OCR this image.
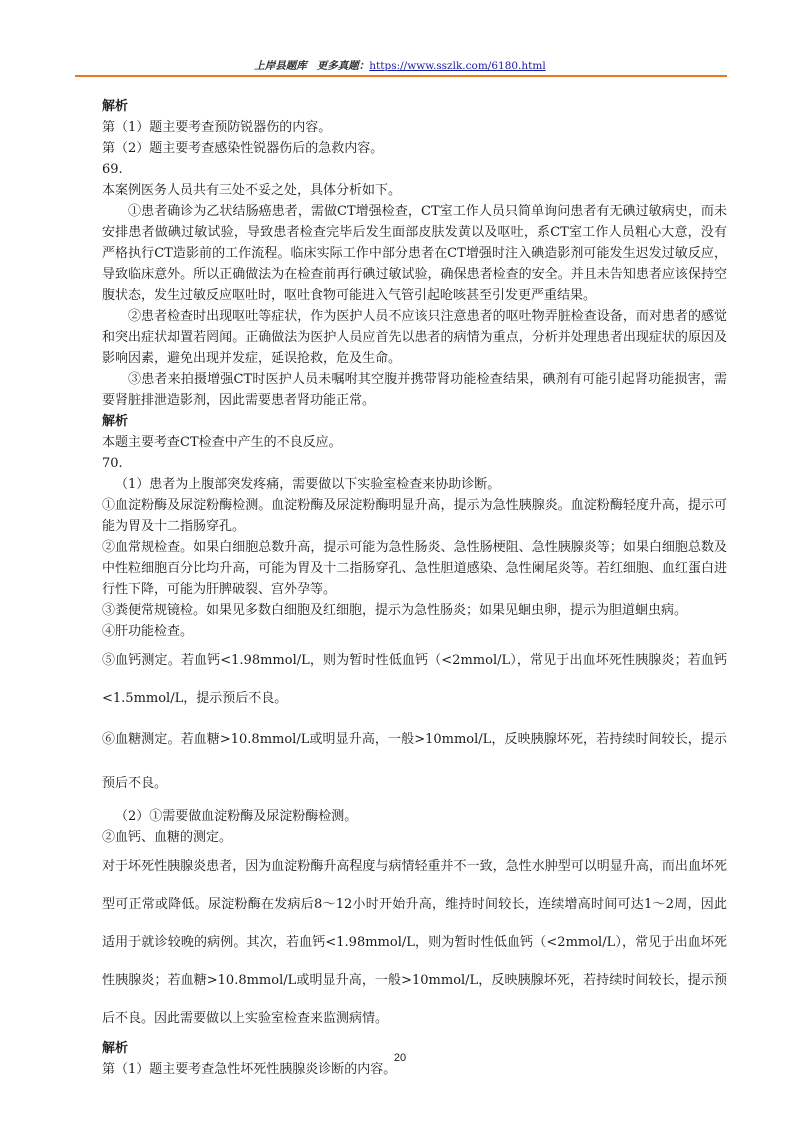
上岸县题库 更多真题：https://www.sszlk.com/6180.html

解析

第（1）题主要考查预防锐器伤的内容。

第（2）题主要考查感染性锐器伤后的急救内容。

69.

本案例医务人员共有三处不妥之处，具体分析如下。

①患者确诊为乙状结肠癌患者，需做CT增强检查，CT室工作人员只简单询问患者有无碘过敏病史，而未安排患者做碘过敏试验，导致患者检查完毕后发生面部皮肤发黄以及呕吐，系CT室工作人员粗心大意，没有严格执行CT造影前的工作流程。临床实际工作中部分患者在CT增强时注入碘造影剂可能发生迟发过敏反应，导致临床意外。所以正确做法为在检查前再行碘过敏试验，确保患者检查的安全。并且未告知患者应该保持空腹状态，发生过敏反应呕吐时，呕吐食物可能进入气管引起呛咳甚至引发更严重结果。

②患者检查时出现呕吐等症状，作为医护人员不应该只注意患者的呕吐物弄脏检查设备，而对患者的感觉和突出症状却置若罔闻。正确做法为医护人员应首先以患者的病情为重点，分析并处理患者出现症状的原因及影响因素，避免出现并发症，延误抢救，危及生命。

③患者来拍摄增强CT时医护人员未嘱咐其空腹并携带肾功能检查结果，碘剂有可能引起肾功能损害，需要肾脏排泄造影剂，因此需要患者肾功能正常。

解析

本题主要考查CT检查中产生的不良反应。

70.

（1）患者为上腹部突发疼痛，需要做以下实验室检查来协助诊断。

①血淀粉酶及尿淀粉酶检测。血淀粉酶及尿淀粉酶明显升高，提示为急性胰腺炎。血淀粉酶轻度升高，提示可能为胃及十二指肠穿孔。

②血常规检查。如果白细胞总数升高，提示可能为急性肠炎、急性肠梗阻、急性胰腺炎等；如果白细胞总数及中性粒细胞百分比均升高，可能为胃及十二指肠穿孔、急性胆道感染、急性阑尾炎等。若红细胞、血红蛋白进行性下降，可能为肝脾破裂、宫外孕等。

③粪便常规镜检。如果见多数白细胞及红细胞，提示为急性肠炎；如果见蛔虫卵，提示为胆道蛔虫病。

④肝功能检查。

⑤血钙测定。若血钙<1.98mmol/L，则为暂时性低血钙（<2mmol/L），常见于出血坏死性胰腺炎；若血钙<1.5mmol/L，提示预后不良。

⑥血糖测定。若血糖>10.8mmol/L或明显升高，一般>10mmol/L，反映胰腺坏死，若持续时间较长，提示预后不良。

（2）①需要做血淀粉酶及尿淀粉酶检测。

②血钙、血糖的测定。

对于坏死性胰腺炎患者，因为血淀粉酶升高程度与病情轻重并不一致，急性水肿型可以明显升高，而出血坏死型可正常或降低。尿淀粉酶在发病后8～12小时开始升高，维持时间较长，连续增高时间可达1～2周，因此适用于就诊较晚的病例。其次，若血钙<1.98mmol/L，则为暂时性低血钙（<2mmol/L），常见于出血坏死性胰腺炎；若血糖>10.8mmol/L或明显升高，一般>10mmol/L，反映胰腺坏死，若持续时间较长，提示预后不良。因此需要做以上实验室检查来监测病情。

解析

第（1）题主要考查急性坏死性胰腺炎诊断的内容。

20
